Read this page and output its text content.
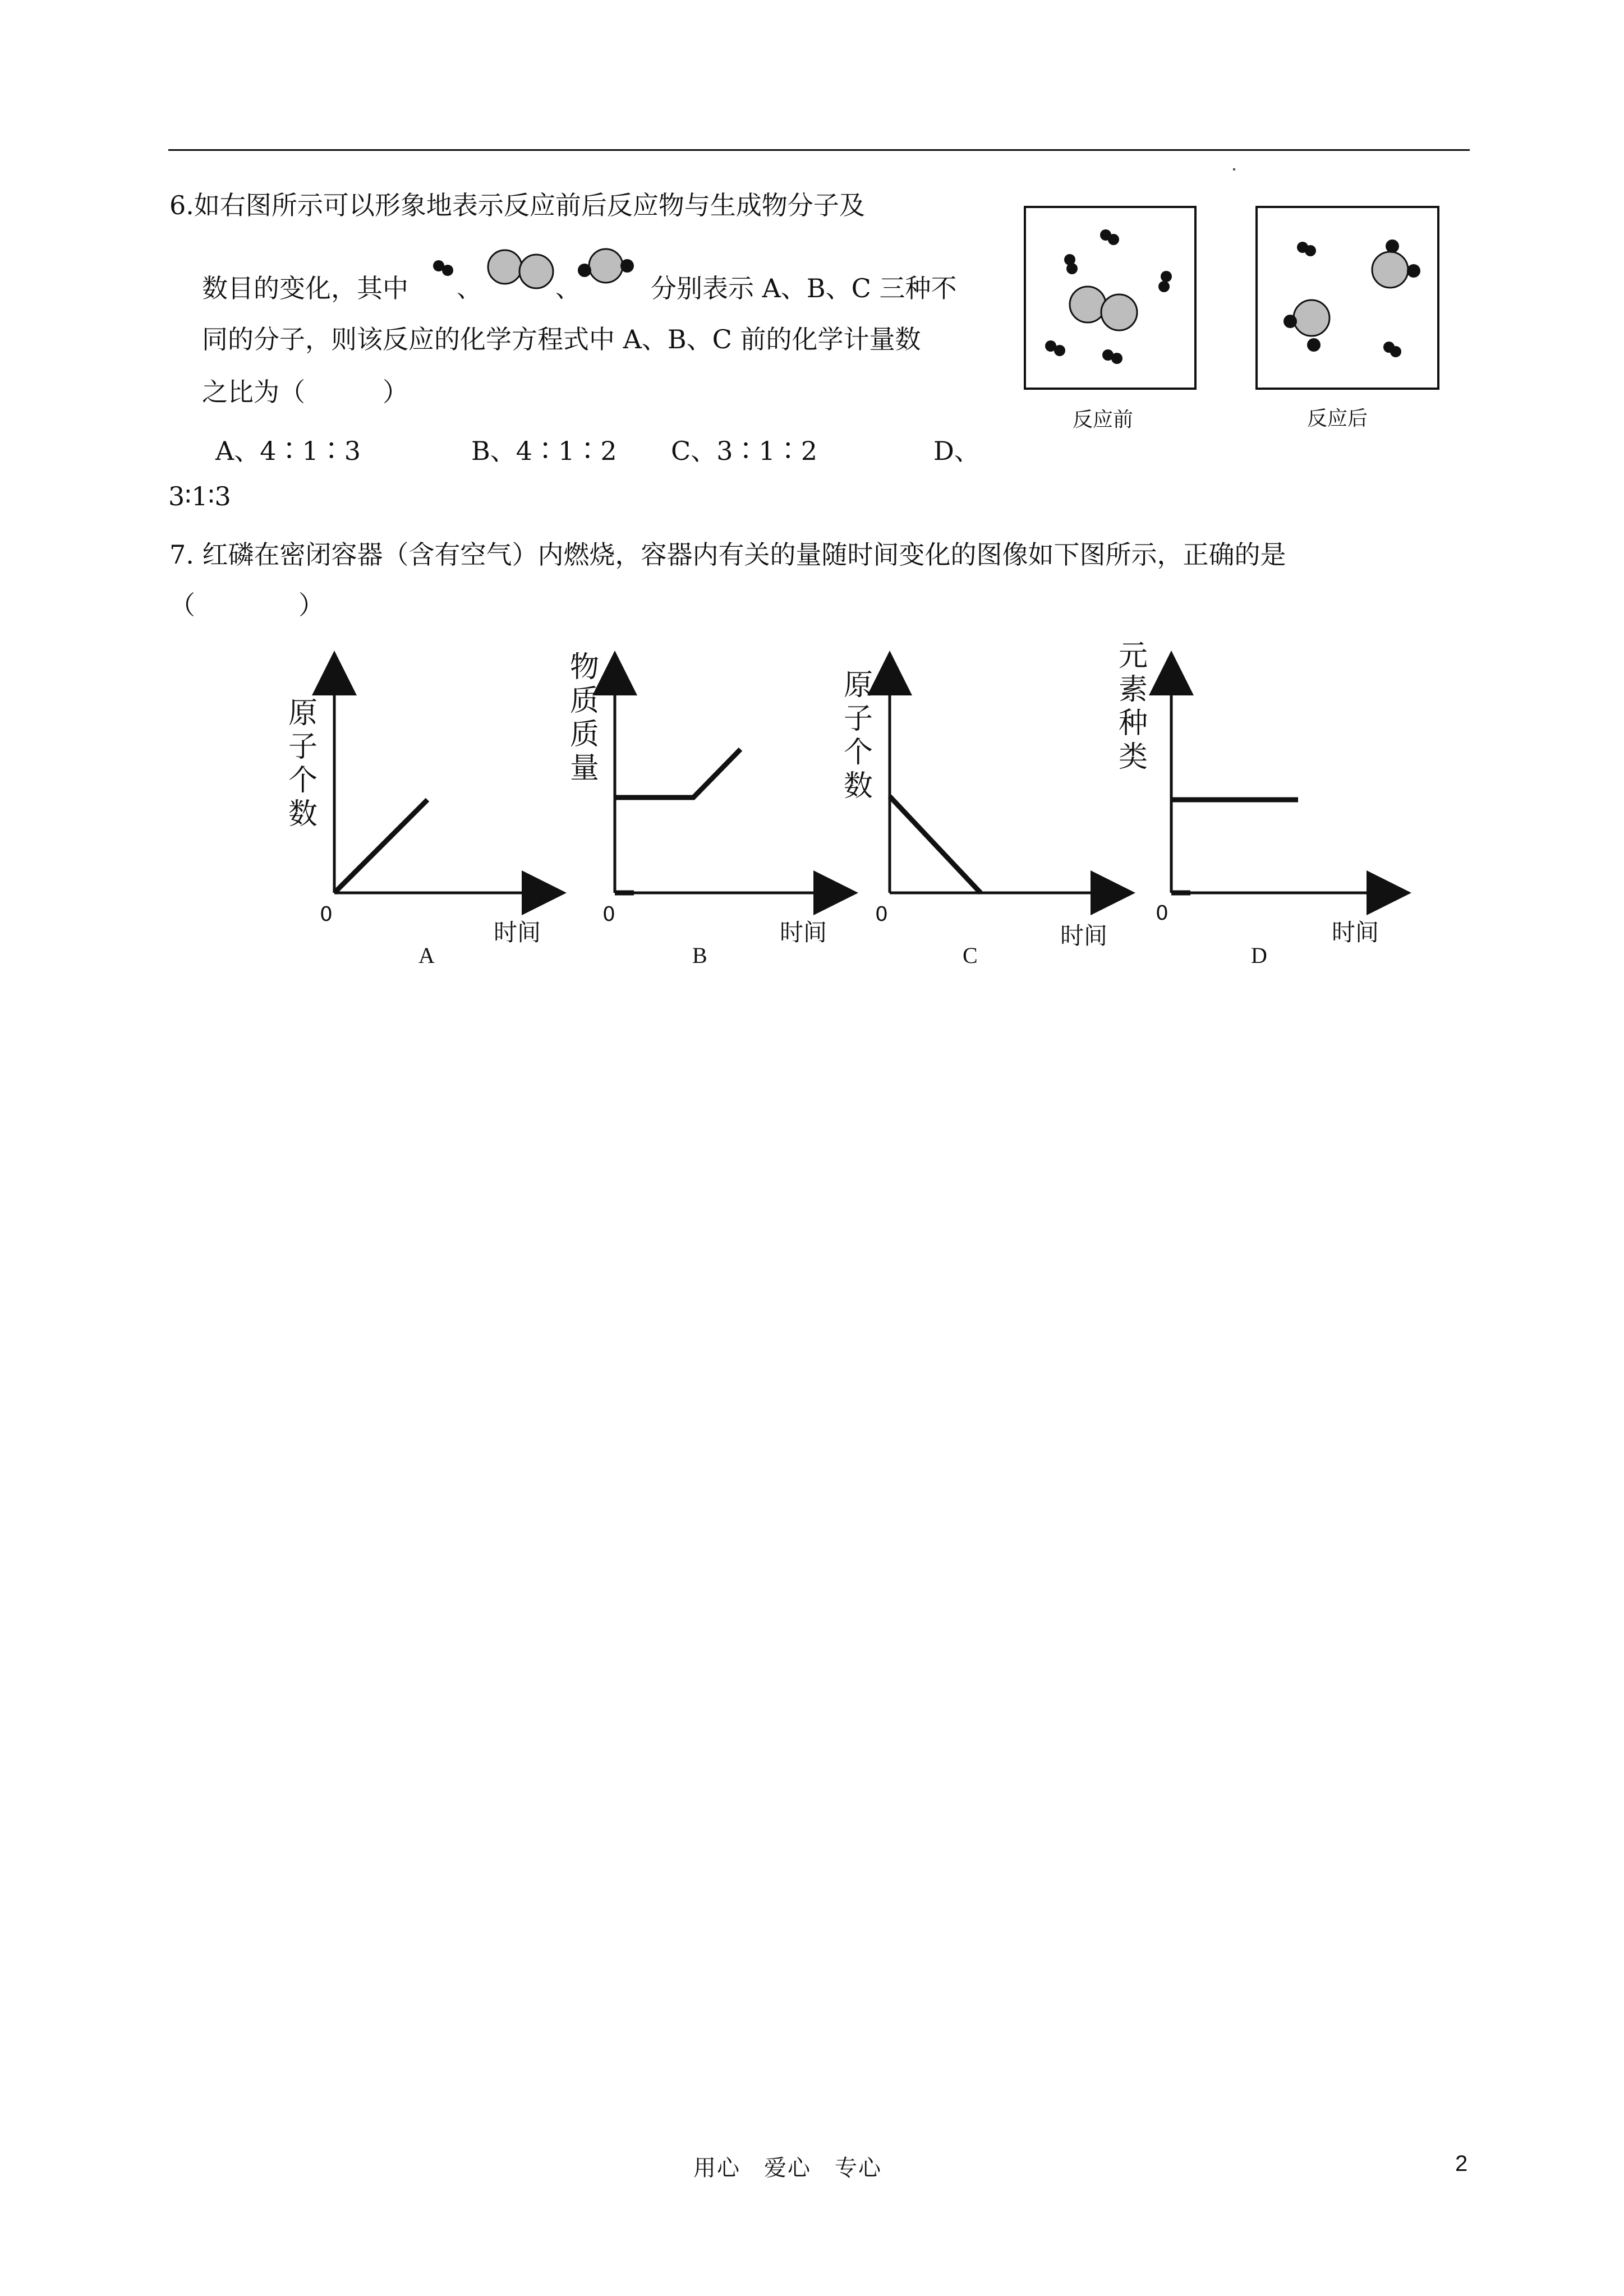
6.如右图所示可以形象地表示反应前后反应物与生成物分子及
数目的变化，其中 、	、	分别表示 A、B、C 三种不
同的分子，则该反应的化学方程式中 A、B、C 前的化学计量数
之比为（　　　）
A、4∶1∶3	B、4∶1∶2 C、3∶1∶2	D、
3∶1∶3
反应前	反应后
7. 红磷在密闭容器（含有空气）内燃烧，容器内有关的量随时间变化的图像如下图所示，正确的是
（　　　　）
原
子
个
数
0
时间
A
物
质
质
量
0
时间
B
原
子
个
数
0
时间
C
元
素
种
类
0
时间
D
用心　爱心　专心	2
